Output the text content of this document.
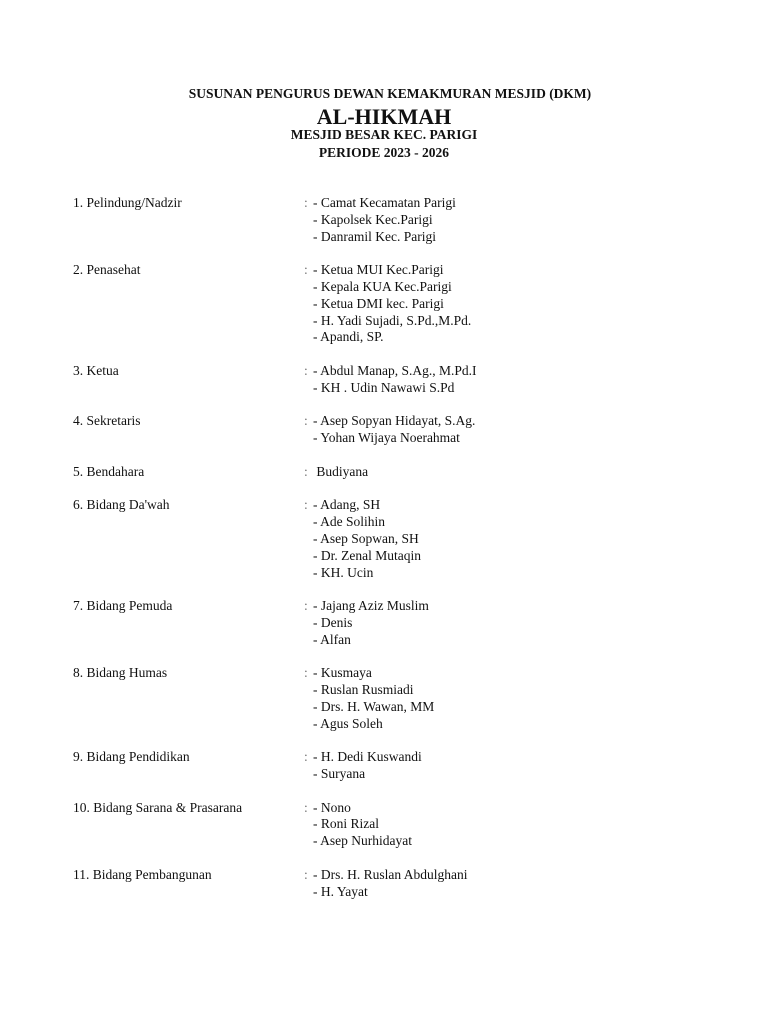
SUSUNAN PENGURUS DEWAN KEMAKMURAN MESJID (DKM)
AL-HIKMAH
MESJID BESAR KEC. PARIGI
PERIODE 2023 - 2026
1. Pelindung/Nadzir	: - Camat Kecamatan Parigi
- Kapolsek Kec.Parigi
- Danramil Kec. Parigi
2. Penasehat	: - Ketua MUI Kec.Parigi
- Kepala KUA Kec.Parigi
- Ketua DMI kec. Parigi
- H. Yadi Sujadi, S.Pd.,M.Pd.
- Apandi, SP.
3. Ketua	: - Abdul Manap, S.Ag., M.Pd.I
- KH . Udin Nawawi S.Pd
4. Sekretaris	: - Asep Sopyan Hidayat, S.Ag.
- Yohan Wijaya Noerahmat
5. Bendahara	: Budiyana
6. Bidang Da'wah	: - Adang, SH
- Ade Solihin
- Asep Sopwan, SH
- Dr. Zenal Mutaqin
- KH. Ucin
7. Bidang Pemuda	: - Jajang Aziz Muslim
- Denis
- Alfan
8. Bidang Humas	: - Kusmaya
- Ruslan Rusmiadi
- Drs. H. Wawan, MM
- Agus Soleh
9. Bidang Pendidikan	: - H. Dedi Kuswandi
- Suryana
10. Bidang Sarana & Prasarana	: - Nono
- Roni Rizal
- Asep Nurhidayat
11. Bidang Pembangunan	: - Drs. H. Ruslan Abdulghani
- H. Yayat
